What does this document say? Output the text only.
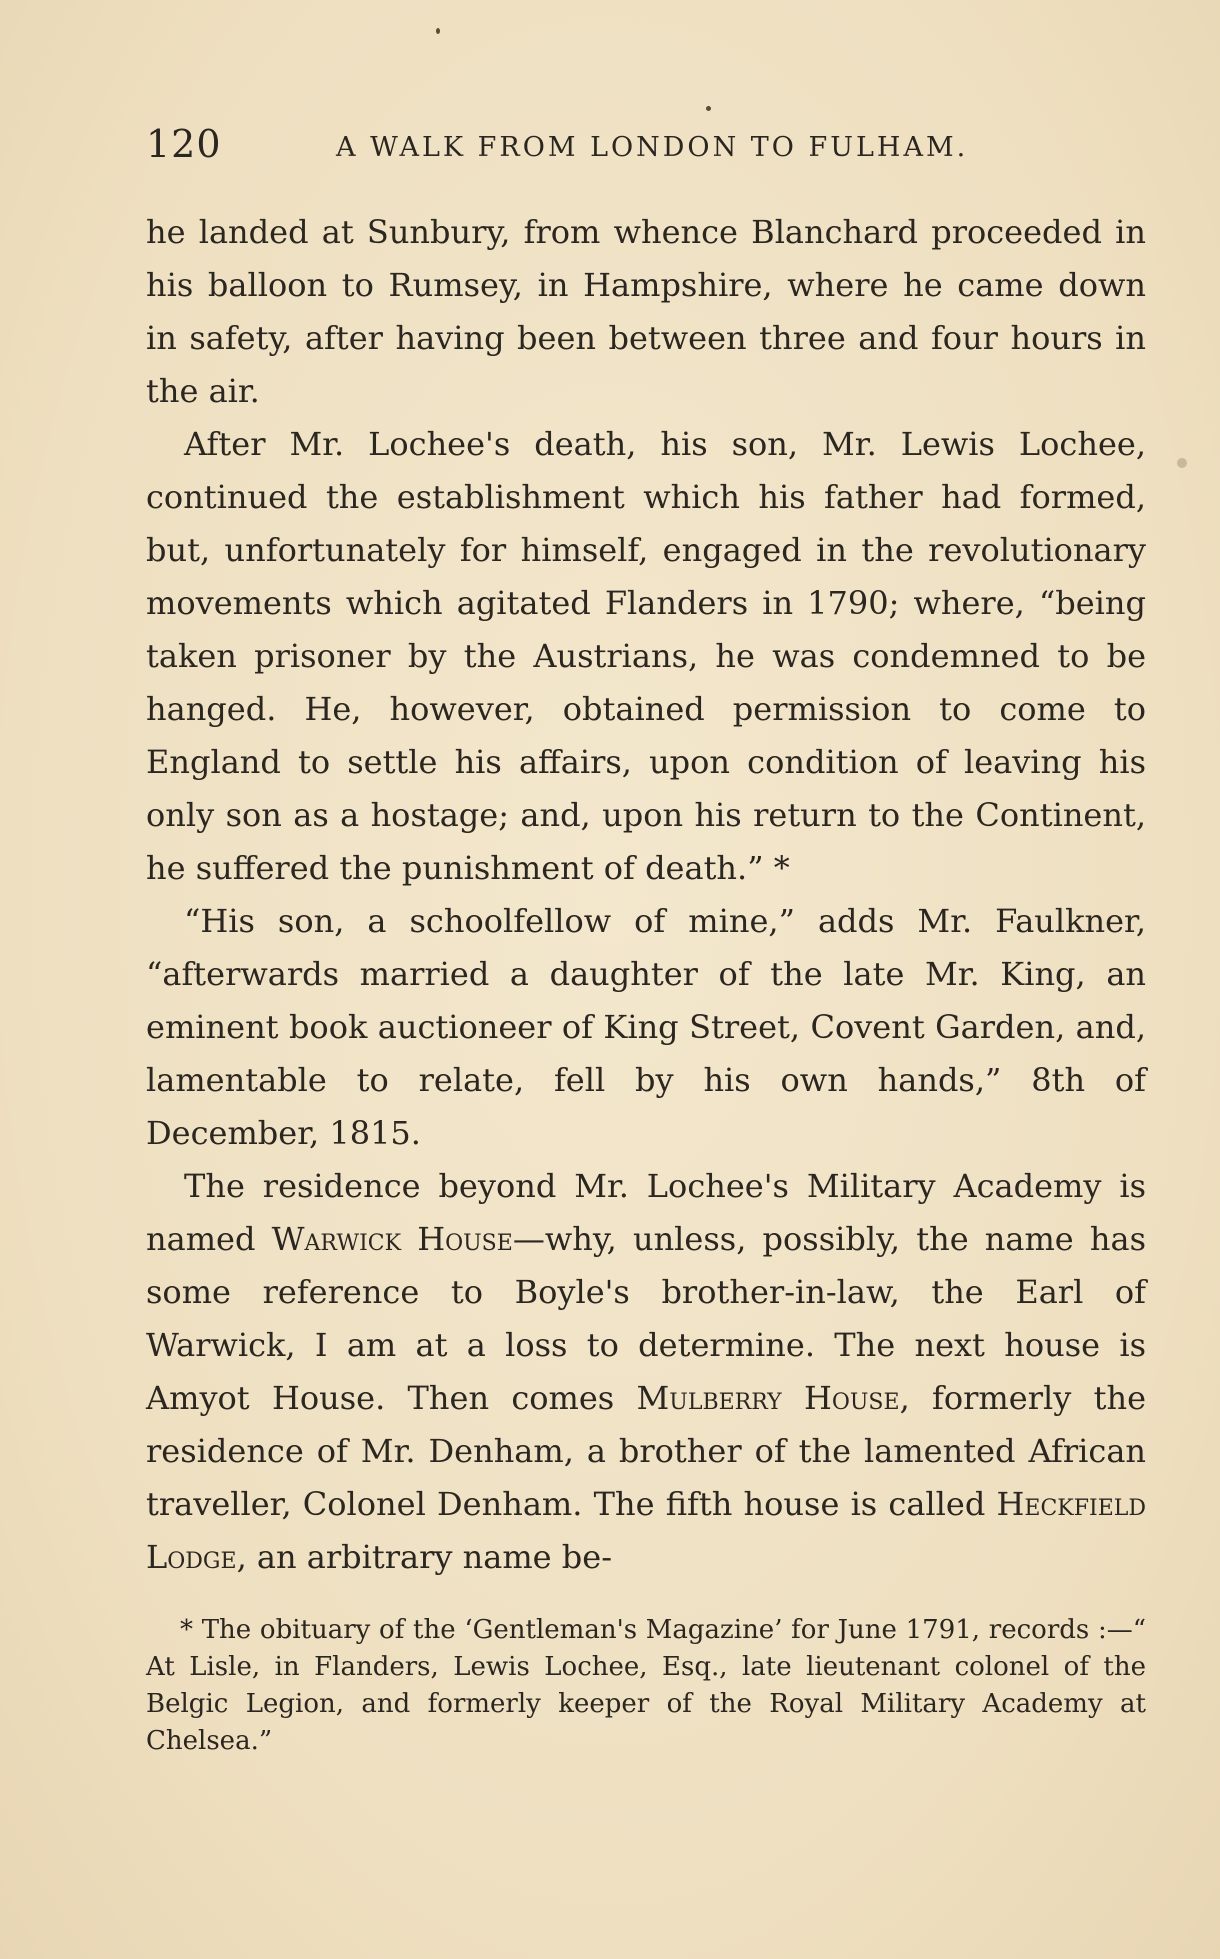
120	A WALK FROM LONDON TO FULHAM.

he landed at Sunbury, from whence Blanchard proceeded in his balloon to Rumsey, in Hampshire, where he came down in safety, after having been between three and four hours in the air.

After Mr. Lochee's death, his son, Mr. Lewis Lochee, continued the establishment which his father had formed, but, unfortunately for himself, engaged in the revolutionary movements which agitated Flanders in 1790; where, “being taken prisoner by the Austrians, he was condemned to be hanged. He, however, obtained permission to come to England to settle his affairs, upon condition of leaving his only son as a hostage; and, upon his return to the Continent, he suffered the punishment of death.” *

“His son, a schoolfellow of mine,” adds Mr. Faulkner, “afterwards married a daughter of the late Mr. King, an eminent book auctioneer of King Street, Covent Garden, and, lamentable to relate, fell by his own hands,” 8th of December, 1815.

The residence beyond Mr. Lochee's Military Academy is named Warwick House—why, unless, possibly, the name has some reference to Boyle's brother-in-law, the Earl of Warwick, I am at a loss to determine. The next house is Amyot House. Then comes Mulberry House, formerly the residence of Mr. Denham, a brother of the lamented African traveller, Colonel Denham. The fifth house is called Heckfield Lodge, an arbitrary name be-

* The obituary of the ‘Gentleman's Magazine’ for June 1791, records :—“ At Lisle, in Flanders, Lewis Lochee, Esq., late lieutenant colonel of the Belgic Legion, and formerly keeper of the Royal Military Academy at Chelsea.”
